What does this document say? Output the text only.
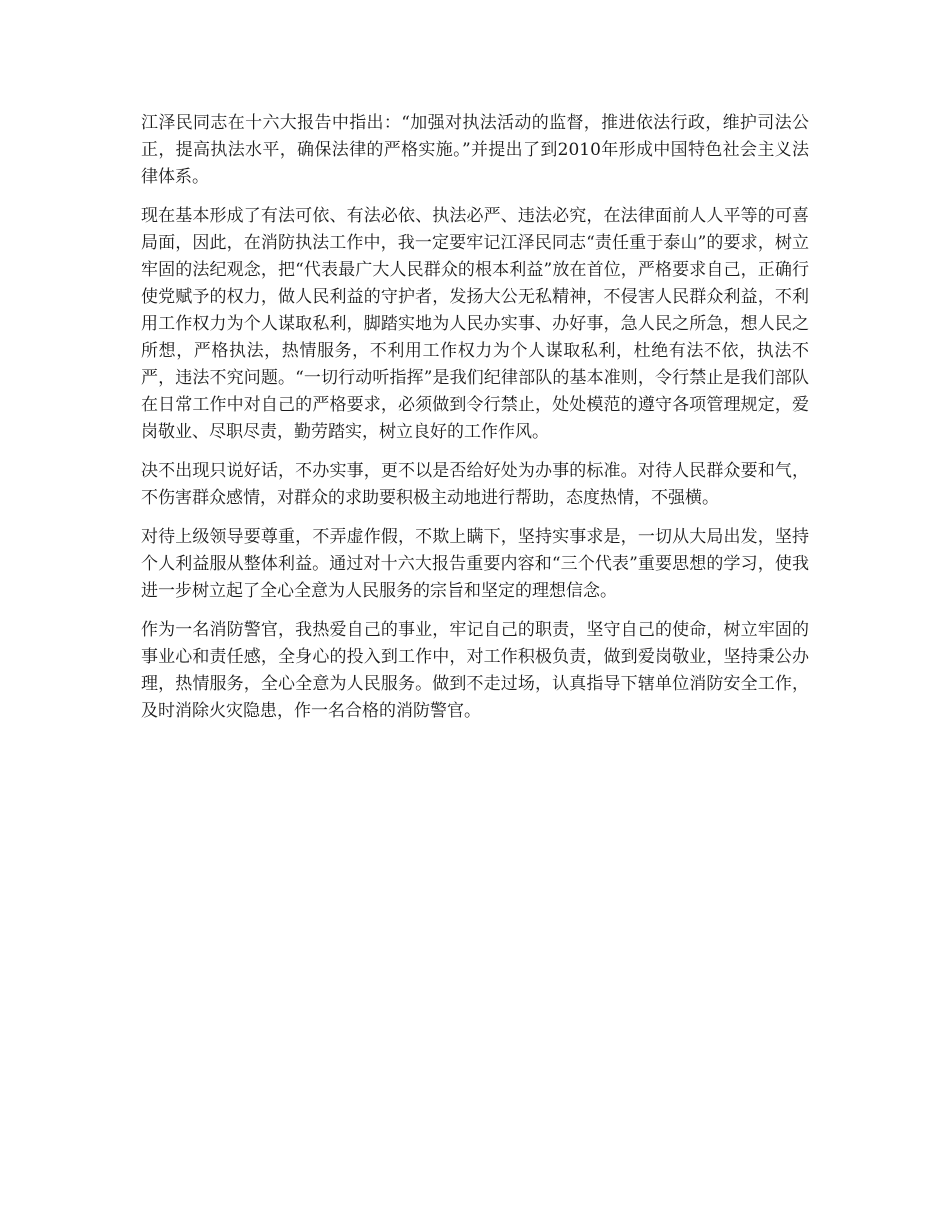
江泽民同志在十六大报告中指出：“加强对执法活动的监督，推进依法行政，维护司法公正，提高执法水平，确保法律的严格实施。”并提出了到2010年形成中国特色社会主义法律体系。

现在基本形成了有法可依、有法必依、执法必严、违法必究，在法律面前人人平等的可喜局面，因此，在消防执法工作中，我一定要牢记江泽民同志“责任重于泰山”的要求，树立牢固的法纪观念，把“代表最广大人民群众的根本利益”放在首位，严格要求自己，正确行使党赋予的权力，做人民利益的守护者，发扬大公无私精神，不侵害人民群众利益，不利用工作权力为个人谋取私利，脚踏实地为人民办实事、办好事，急人民之所急，想人民之所想，严格执法，热情服务，不利用工作权力为个人谋取私利，杜绝有法不依，执法不严，违法不究问题。“一切行动听指挥”是我们纪律部队的基本准则，令行禁止是我们部队在日常工作中对自己的严格要求，必须做到令行禁止，处处模范的遵守各项管理规定，爱岗敬业、尽职尽责，勤劳踏实，树立良好的工作作风。

决不出现只说好话，不办实事，更不以是否给好处为办事的标准。对待人民群众要和气，不伤害群众感情，对群众的求助要积极主动地进行帮助，态度热情，不强横。

对待上级领导要尊重，不弄虚作假，不欺上瞒下，坚持实事求是，一切从大局出发，坚持个人利益服从整体利益。通过对十六大报告重要内容和“三个代表”重要思想的学习，使我进一步树立起了全心全意为人民服务的宗旨和坚定的理想信念。

作为一名消防警官，我热爱自己的事业，牢记自己的职责，坚守自己的使命，树立牢固的事业心和责任感，全身心的投入到工作中，对工作积极负责，做到爱岗敬业，坚持秉公办理，热情服务，全心全意为人民服务。做到不走过场，认真指导下辖单位消防安全工作，及时消除火灾隐患，作一名合格的消防警官。
